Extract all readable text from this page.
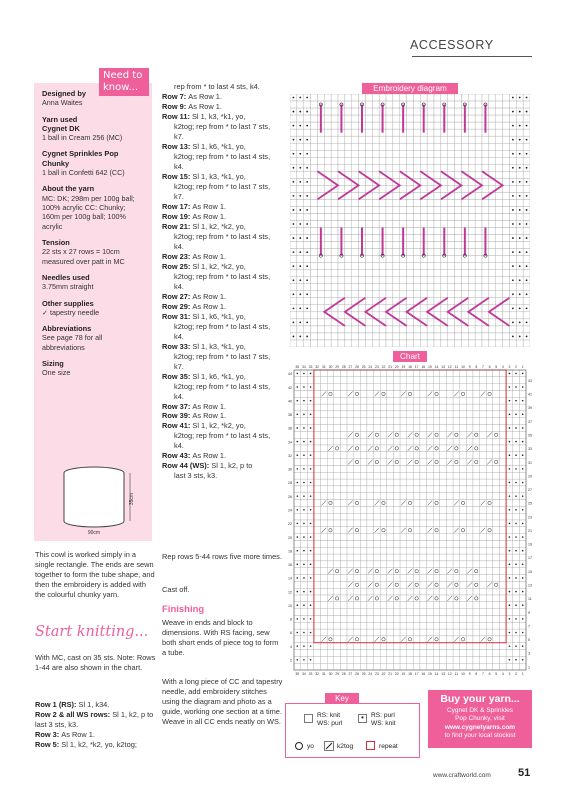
ACCESSORY
Designed by
Anna Waites
Yarn used
Cygnet DK
1 ball in Cream 256 (MC)
Cygnet Sprinkles Pop Chunky
1 ball in Confetti 642 (CC)
About the yarn
MC: DK; 298m per 100g ball; 100% acrylic CC: Chunky; 160m per 100g ball; 100% acrylic
Tension
22 sts x 27 rows = 10cm measured over patt in MC
Needles used
3.75mm straight
Other supplies
✓ tapestry needle
Abbreviations
See page 78 for all abbreviations
Sizing
One size
Need to
know...
35cm
90cm
This cowl is worked simply in a single rectangle. The ends are sewn together to form the tube shape, and then the embroidery is added with the colourful chunky yarn.
Start knitting...
With MC, cast on 35 sts. Note: Rows 1-44 are also shown in the chart.
Row 1 (RS): Sl 1, k34.
Row 2 & all WS rows: Sl 1, k2, p to last 3 sts, k3.
Row 3: As Row 1.
Row 5: Sl 1, k2, *k2, yo, k2tog;
rep from * to last 4 sts, k4.
Row 7: As Row 1.
Row 9: As Row 1.
Row 11: Sl 1, k3, *k1, yo,
k2tog; rep from * to last 7 sts, k7.
Row 13: Sl 1, k6, *k1, yo,
k2tog; rep from * to last 4 sts, k4.
Row 15: Sl 1, k3, *k1, yo,
k2tog; rep from * to last 7 sts, k7.
Row 17: As Row 1.
Row 19: As Row 1.
Row 21: Sl 1, k2, *k2, yo,
k2tog; rep from * to last 4 sts, k4.
Row 23: As Row 1.
Row 25: Sl 1, k2, *k2, yo,
k2tog; rep from * to last 4 sts, k4.
Row 27: As Row 1.
Row 29: As Row 1.
Row 31: Sl 1, k6, *k1, yo,
k2tog; rep from * to last 4 sts, k4.
Row 33: Sl 1, k3, *k1, yo,
k2tog; rep from * to last 7 sts, k7.
Row 35: Sl 1, k6, *k1, yo,
k2tog; rep from * to last 4 sts, k4.
Row 37: As Row 1.
Row 39: As Row 1.
Row 41: Sl 1, k2, *k2, yo,
k2tog; rep from * to last 4 sts, k4.
Row 43: As Row 1.
Row 44 (WS): Sl 1, k2, p to
last 3 sts, k3.
Rep rows 5-44 rows five more times.
Cast off.
Finishing
Weave in ends and block to dimensions. With RS facing, sew both short ends of piece tog to form a tube.
With a long piece of CC and tapestry needle, add embroidery stitches using the diagram and photo as a guide, working one section at a time. Weave in all CC ends neatly on WS.
Embroidery diagram
Chart
35
35
34
34
33
33
32
32
31
31
30
30
29
29
28
28
27
27
26
26
25
25
24
24
23
23
22
22
21
21
20
20
19
19
18
18
17
17
16
16
15
15
14
14
13
13
12
12
11
11
10
10
9
9
8
8
7
7
6
6
5
5
4
4
3
3
2
2
1
1
44
43
42
41
40
39
38
37
36
35
34
33
32
31
30
29
28
27
26
25
24
23
22
21
20
19
18
17
16
15
14
13
12
11
10
9
8
7
6
5
4
3
2
1
Key
RS: knit
WS: purl
•	RS: purl
WS: knit
yo	k2tog	repeat
Buy your yarn...
Cygnet DK & Sprinkles
Pop Chunky, visit
www.cygnetyarns.com
to find your local stockist
www.craftworld.com 51
